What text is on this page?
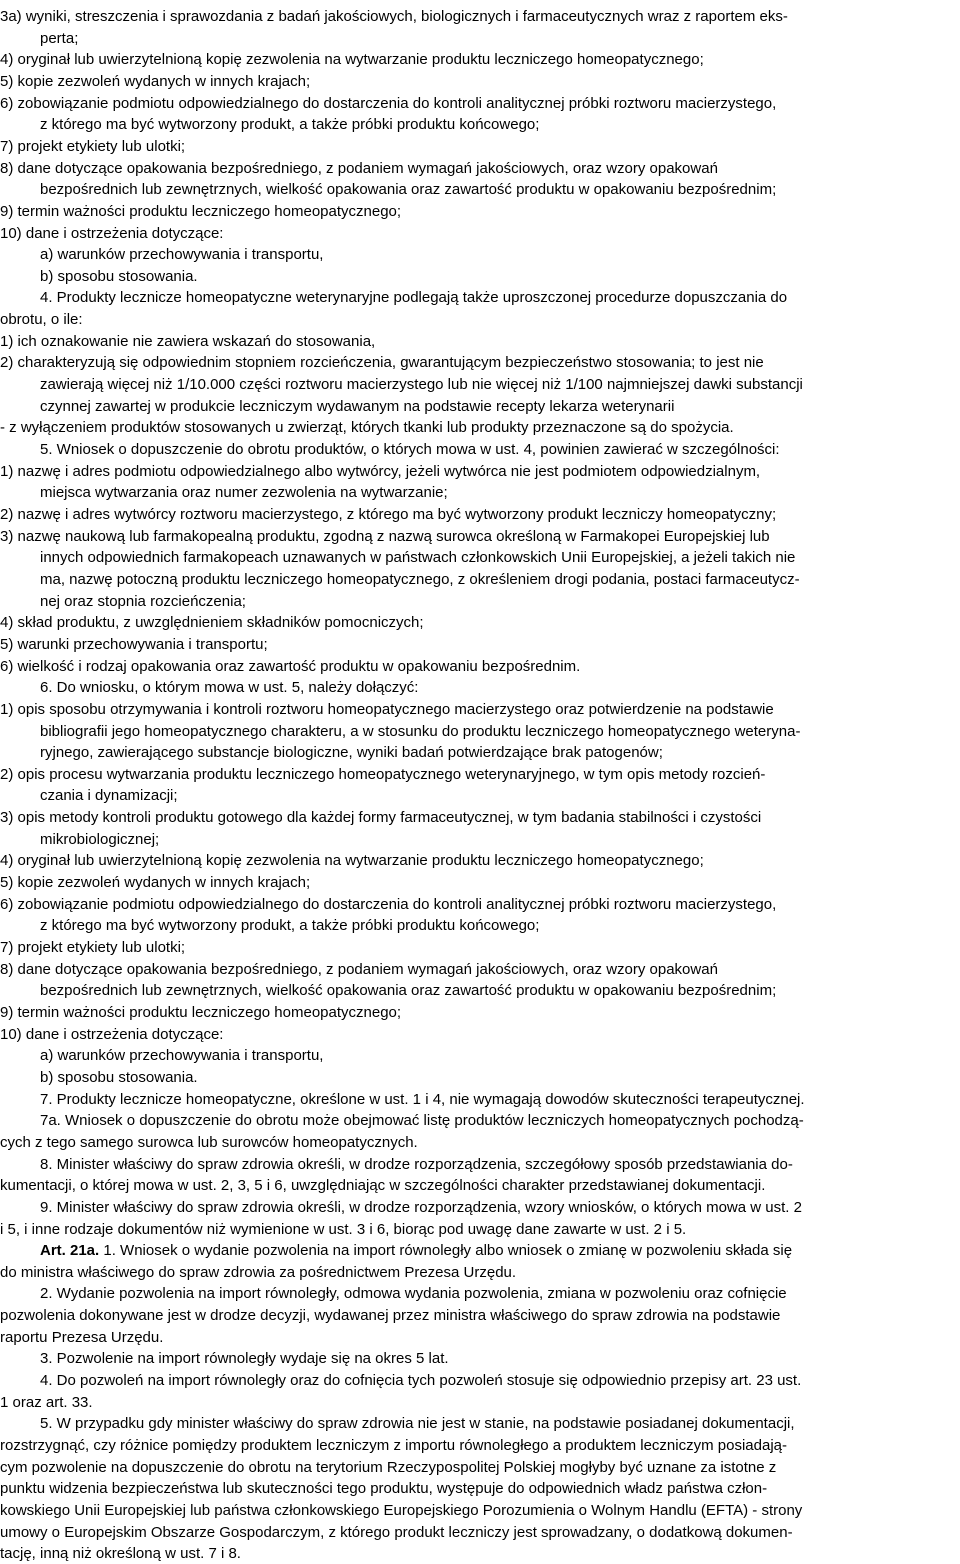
3a) wyniki, streszczenia i sprawozdania z badań jakościowych, biologicznych i farmaceutycznych wraz z raportem eks-
perta;
4) oryginał lub uwierzytelnioną kopię zezwolenia na wytwarzanie produktu leczniczego homeopatycznego;
5) kopie zezwoleń wydanych w innych krajach;
6) zobowiązanie podmiotu odpowiedzialnego do dostarczenia do kontroli analitycznej próbki roztworu macierzystego,
z którego ma być wytworzony produkt, a także próbki produktu końcowego;
7) projekt etykiety lub ulotki;
8) dane dotyczące opakowania bezpośredniego, z podaniem wymagań jakościowych, oraz wzory opakowań
bezpośrednich lub zewnętrznych, wielkość opakowania oraz zawartość produktu w opakowaniu bezpośrednim;
9) termin ważności produktu leczniczego homeopatycznego;
10) dane i ostrzeżenia dotyczące:
a) warunków przechowywania i transportu,
b) sposobu stosowania.
4. Produkty lecznicze homeopatyczne weterynaryjne podlegają także uproszczonej procedurze dopuszczania do
obrotu, o ile:
1) ich oznakowanie nie zawiera wskazań do stosowania,
2) charakteryzują się odpowiednim stopniem rozcieńczenia, gwarantującym bezpieczeństwo stosowania; to jest nie
zawierają więcej niż 1/10.000 części roztworu macierzystego lub nie więcej niż 1/100 najmniejszej dawki substancji
czynnej zawartej w produkcie leczniczym wydawanym na podstawie recepty lekarza weterynarii
- z wyłączeniem produktów stosowanych u zwierząt, których tkanki lub produkty przeznaczone są do spożycia.
5. Wniosek o dopuszczenie do obrotu produktów, o których mowa w ust. 4, powinien zawierać w szczególności:
1) nazwę i adres podmiotu odpowiedzialnego albo wytwórcy, jeżeli wytwórca nie jest podmiotem odpowiedzialnym,
miejsca wytwarzania oraz numer zezwolenia na wytwarzanie;
2) nazwę i adres wytwórcy roztworu macierzystego, z którego ma być wytworzony produkt leczniczy homeopatyczny;
3) nazwę naukową lub farmakopealną produktu, zgodną z nazwą surowca określoną w Farmakopei Europejskiej lub
innych odpowiednich farmakopeach uznawanych w państwach członkowskich Unii Europejskiej, a jeżeli takich nie
ma, nazwę potoczną produktu leczniczego homeopatycznego, z określeniem drogi podania, postaci farmaceutycz-
nej oraz stopnia rozcieńczenia;
4) skład produktu, z uwzględnieniem składników pomocniczych;
5) warunki przechowywania i transportu;
6) wielkość i rodzaj opakowania oraz zawartość produktu w opakowaniu bezpośrednim.
6. Do wniosku, o którym mowa w ust. 5, należy dołączyć:
1) opis sposobu otrzymywania i kontroli roztworu homeopatycznego macierzystego oraz potwierdzenie na podstawie
bibliografii jego homeopatycznego charakteru, a w stosunku do produktu leczniczego homeopatycznego weteryna-
ryjnego, zawierającego substancje biologiczne, wyniki badań potwierdzające brak patogenów;
2) opis procesu wytwarzania produktu leczniczego homeopatycznego weterynaryjnego, w tym opis metody rozcień-
czania i dynamizacji;
3) opis metody kontroli produktu gotowego dla każdej formy farmaceutycznej, w tym badania stabilności i czystości
mikrobiologicznej;
4) oryginał lub uwierzytelnioną kopię zezwolenia na wytwarzanie produktu leczniczego homeopatycznego;
5) kopie zezwoleń wydanych w innych krajach;
6) zobowiązanie podmiotu odpowiedzialnego do dostarczenia do kontroli analitycznej próbki roztworu macierzystego,
z którego ma być wytworzony produkt, a także próbki produktu końcowego;
7) projekt etykiety lub ulotki;
8) dane dotyczące opakowania bezpośredniego, z podaniem wymagań jakościowych, oraz wzory opakowań
bezpośrednich lub zewnętrznych, wielkość opakowania oraz zawartość produktu w opakowaniu bezpośrednim;
9) termin ważności produktu leczniczego homeopatycznego;
10) dane i ostrzeżenia dotyczące:
a) warunków przechowywania i transportu,
b) sposobu stosowania.
7. Produkty lecznicze homeopatyczne, określone w ust. 1 i 4, nie wymagają dowodów skuteczności terapeutycznej.
7a. Wniosek o dopuszczenie do obrotu może obejmować listę produktów leczniczych homeopatycznych pochodzą-
cych z tego samego surowca lub surowców homeopatycznych.
8. Minister właściwy do spraw zdrowia określi, w drodze rozporządzenia, szczegółowy sposób przedstawiania do-
kumentacji, o której mowa w ust. 2, 3, 5 i 6, uwzględniając w szczególności charakter przedstawianej dokumentacji.
9. Minister właściwy do spraw zdrowia określi, w drodze rozporządzenia, wzory wniosków, o których mowa w ust. 2
i 5, i inne rodzaje dokumentów niż wymienione w ust. 3 i 6, biorąc pod uwagę dane zawarte w ust. 2 i 5.
Art. 21a. 1. Wniosek o wydanie pozwolenia na import równoległy albo wniosek o zmianę w pozwoleniu składa się
do ministra właściwego do spraw zdrowia za pośrednictwem Prezesa Urzędu.
2. Wydanie pozwolenia na import równoległy, odmowa wydania pozwolenia, zmiana w pozwoleniu oraz cofnięcie
pozwolenia dokonywane jest w drodze decyzji, wydawanej przez ministra właściwego do spraw zdrowia na podstawie
raportu Prezesa Urzędu.
3. Pozwolenie na import równoległy wydaje się na okres 5 lat.
4. Do pozwoleń na import równoległy oraz do cofnięcia tych pozwoleń stosuje się odpowiednio przepisy art. 23 ust.
1 oraz art. 33.
5. W przypadku gdy minister właściwy do spraw zdrowia nie jest w stanie, na podstawie posiadanej dokumentacji,
rozstrzygnąć, czy różnice pomiędzy produktem leczniczym z importu równoległego a produktem leczniczym posiadają-
cym pozwolenie na dopuszczenie do obrotu na terytorium Rzeczypospolitej Polskiej mogłyby być uznane za istotne z
punktu widzenia bezpieczeństwa lub skuteczności tego produktu, występuje do odpowiednich władz państwa człon-
kowskiego Unii Europejskiej lub państwa członkowskiego Europejskiego Porozumienia o Wolnym Handlu (EFTA) - strony
umowy o Europejskim Obszarze Gospodarczym, z którego produkt leczniczy jest sprowadzany, o dodatkową dokumen-
tację, inną niż określoną w ust. 7 i 8.
